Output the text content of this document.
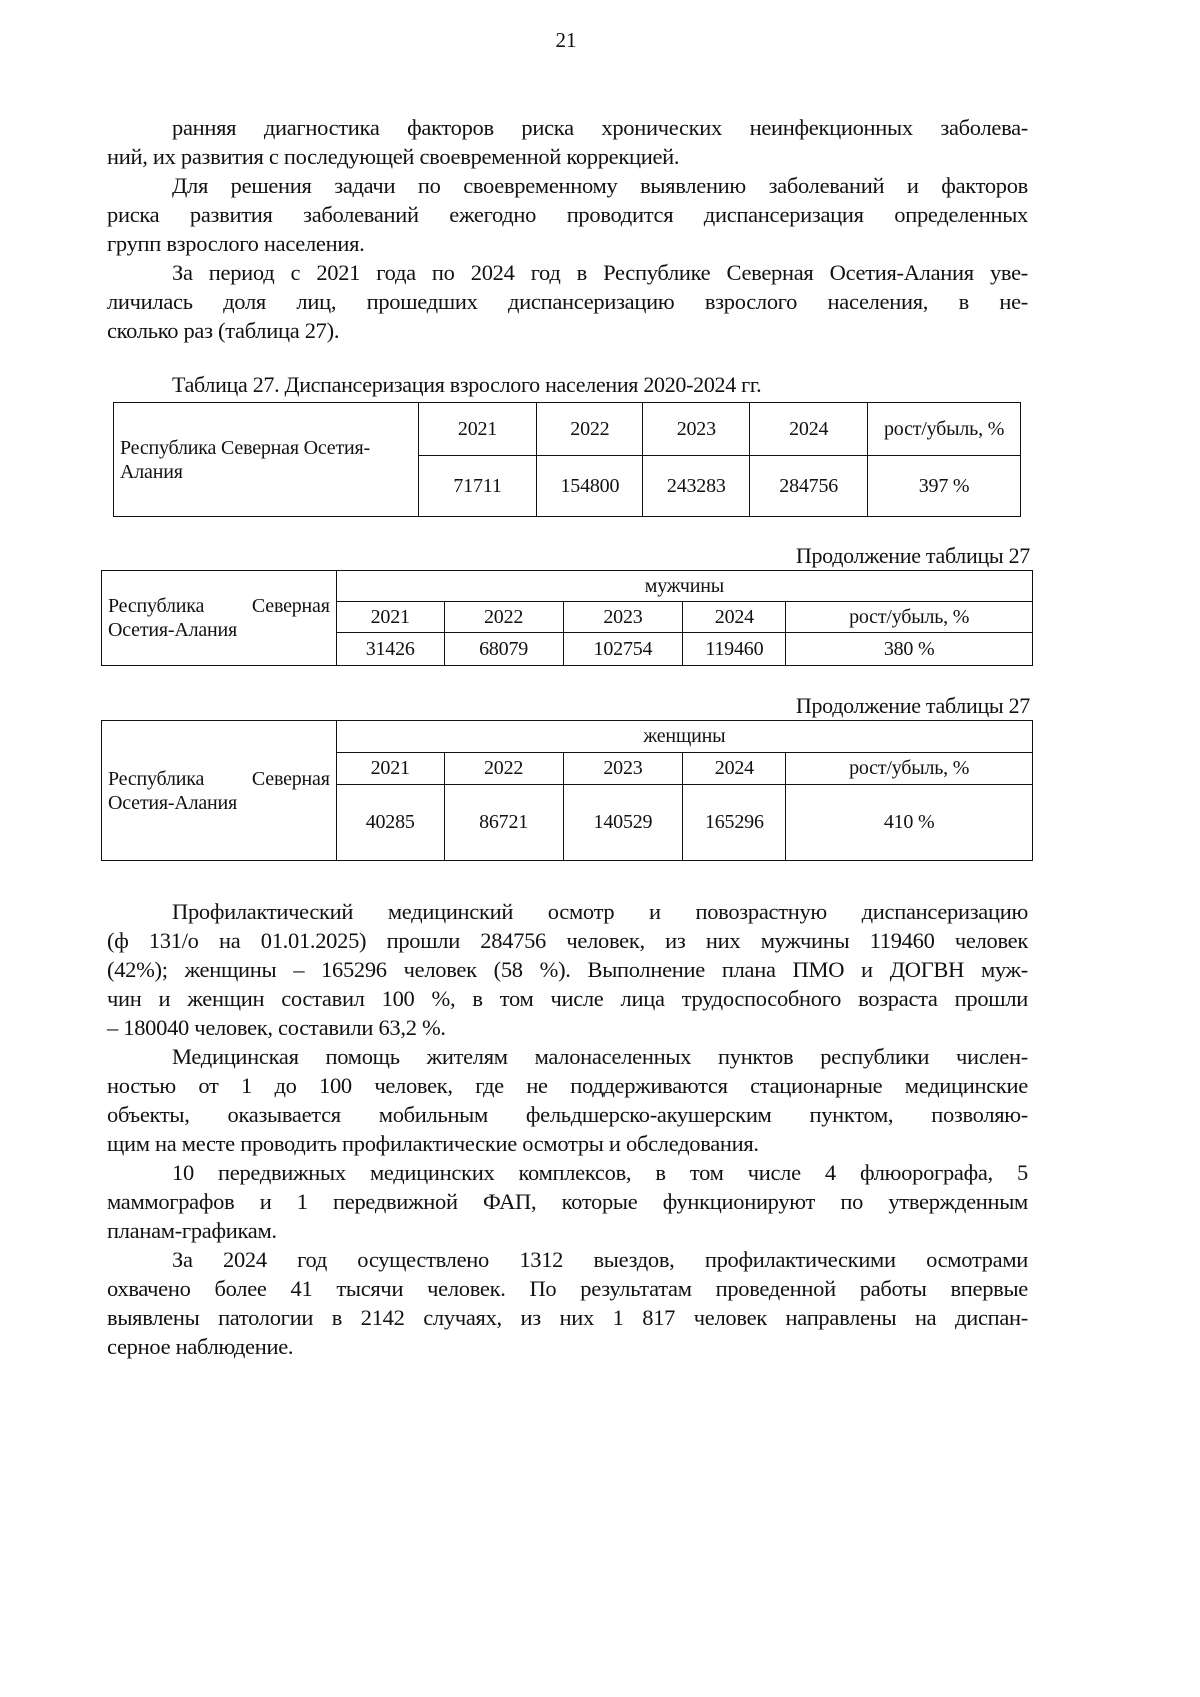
21
ранняя диагностика факторов риска хронических неинфекционных заболева-
ний, их развития с последующей своевременной коррекцией.
Для решения задачи по своевременному выявлению заболеваний и факторов
риска развития заболеваний ежегодно проводится диспансеризация определенных
групп взрослого населения.
За период с 2021 года по 2024 год в Республике Северная Осетия-Алания уве-
личилась доля лиц, прошедших диспансеризацию взрослого населения, в не-
сколько раз (таблица 27).
Таблица 27. Диспансеризация взрослого населения 2020-2024 гг.
Республика Северная Осетия-Алания	2021	2022	2023	2024	рост/убыль, %
	71711	154800	243283	284756	397 %
Продолжение таблицы 27
Республика Северная Осетия-Алания	мужчины				
	2021	2022	2023	2024	рост/убыль, %
	31426	68079	102754	119460	380 %
Продолжение таблицы 27
Республика Северная Осетия-Алания	женщины				
	2021	2022	2023	2024	рост/убыль, %
	40285	86721	140529	165296	410 %
Профилактический медицинский осмотр и повозрастную диспансеризацию
(ф 131/о на 01.01.2025) прошли 284756 человек, из них мужчины 119460 человек
(42%); женщины – 165296 человек (58 %). Выполнение плана ПМО и ДОГВН муж-
чин и женщин составил 100 %, в том числе лица трудоспособного возраста прошли
– 180040 человек, составили 63,2 %.
Медицинская помощь жителям малонаселенных пунктов республики числен-
ностью от 1 до 100 человек, где не поддерживаются стационарные медицинские
объекты, оказывается мобильным фельдшерско-акушерским пунктом, позволяю-
щим на месте проводить профилактические осмотры и обследования.
10 передвижных медицинских комплексов, в том числе 4 флюорографа, 5
маммографов и 1 передвижной ФАП, которые функционируют по утвержденным
планам-графикам.
За 2024 год осуществлено 1312 выездов, профилактическими осмотрами
охвачено более 41 тысячи человек. По результатам проведенной работы впервые
выявлены патологии в 2142 случаях, из них 1 817 человек направлены на диспан-
серное наблюдение.
